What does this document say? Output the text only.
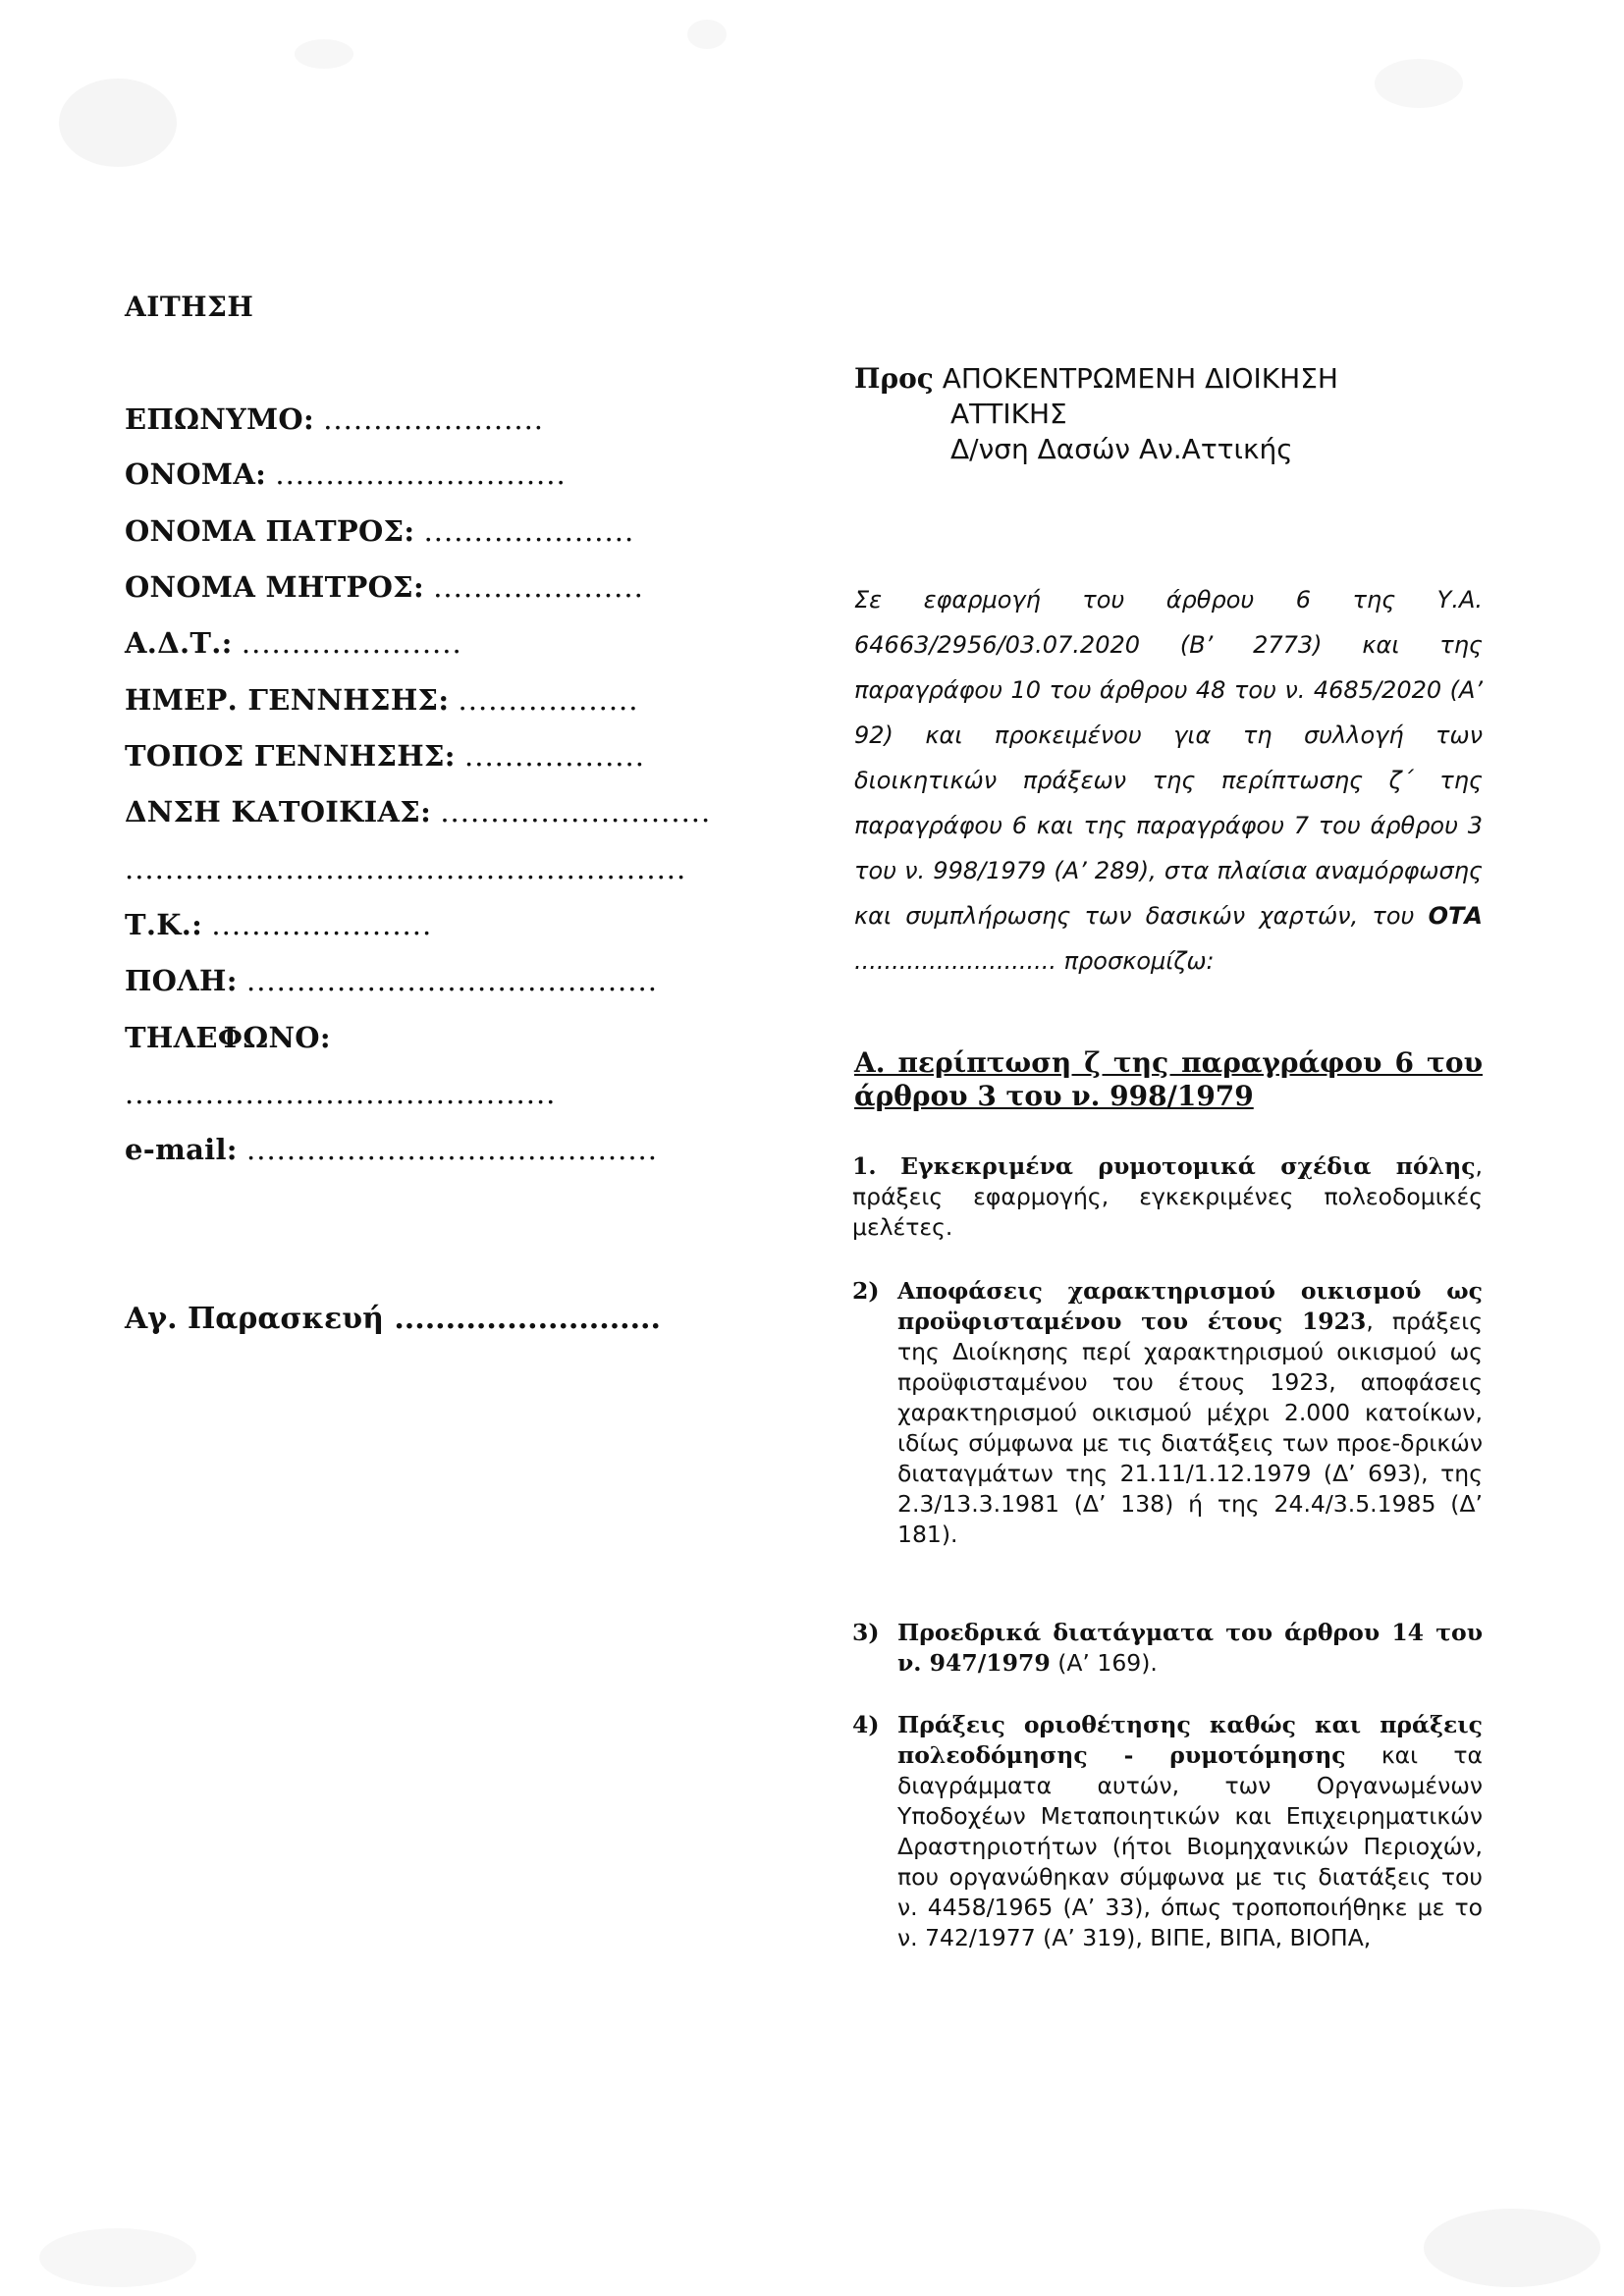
ΑΙΤΗΣΗ
ΕΠΩΝΥΜΟ: ......................
ΟΝΟΜΑ: .............................
ΟΝΟΜΑ ΠΑΤΡΟΣ: .....................
ΟΝΟΜΑ ΜΗΤΡΟΣ: .....................
Α.Δ.Τ.: ......................
ΗΜΕΡ. ΓΕΝΝΗΣΗΣ: ..................
ΤΟΠΟΣ ΓΕΝΝΗΣΗΣ: ..................
ΔΝΣΗ ΚΑΤΟΙΚΙΑΣ: ...........................
........................................................
Τ.Κ.: ......................
ΠΟΛΗ: .........................................
ΤΗΛΕΦΩΝΟ:
...........................................
e-mail: .........................................
Αγ. Παρασκευή ..........................
Προς ΑΠΟΚΕΝΤΡΩΜΕΝΗ ΔΙΟΙΚΗΣΗ
ΑΤΤΙΚΗΣ
Δ/νση Δασών Αν.Αττικής
Σε εφαρμογή του άρθρου 6 της Υ.Α. 64663/2956/03.07.2020 (Β’ 2773) και της παραγράφου 10 του άρθρου 48 του ν. 4685/2020 (Α’ 92) και προκειμένου για τη συλλογή των διοικητικών πράξεων της περίπτωσης ζ΄ της παραγράφου 6 και της παραγράφου 7 του άρθρου 3 του ν. 998/1979 (Α’ 289), στα πλαίσια αναμόρφωσης και συμπλήρωσης των δασικών χαρτών, του ΟΤΑ ........................... προσκομίζω:
Α. περίπτωση ζ της παραγράφου 6 του άρθρου 3 του ν. 998/1979
1. Εγκεκριμένα ρυμοτομικά σχέδια πόλης, πράξεις εφαρμογής, εγκεκριμένες πολεοδομικές μελέτες.
2) Αποφάσεις χαρακτηρισμού οικισμού ως προϋφισταμένου του έτους 1923, πράξεις της Διοίκησης περί χαρακτηρισμού οικισμού ως προϋφισταμένου του έτους 1923, αποφάσεις χαρακτηρισμού οικισμού μέχρι 2.000 κατοίκων, ιδίως σύμφωνα με τις διατάξεις των προε-δρικών διαταγμάτων της 21.11/1.12.1979 (Δ’ 693), της 2.3/13.3.1981 (Δ’ 138) ή της 24.4/3.5.1985 (Δ’ 181).
3) Προεδρικά διατάγματα του άρθρου 14 του ν. 947/1979 (Α’ 169).
4) Πράξεις οριοθέτησης καθώς και πράξεις πολεοδόμησης - ρυμοτόμησης και τα διαγράμματα αυτών, των Οργανωμένων Υποδοχέων Μεταποιητικών και Επιχειρηματικών Δραστηριοτήτων (ήτοι Βιομηχανικών Περιοχών, που οργανώθηκαν σύμφωνα με τις διατάξεις του ν. 4458/1965 (Α’ 33), όπως τροποποιήθηκε με το ν. 742/1977 (Α’ 319), ΒΙΠΕ, ΒΙΠΑ, ΒΙΟΠΑ,
